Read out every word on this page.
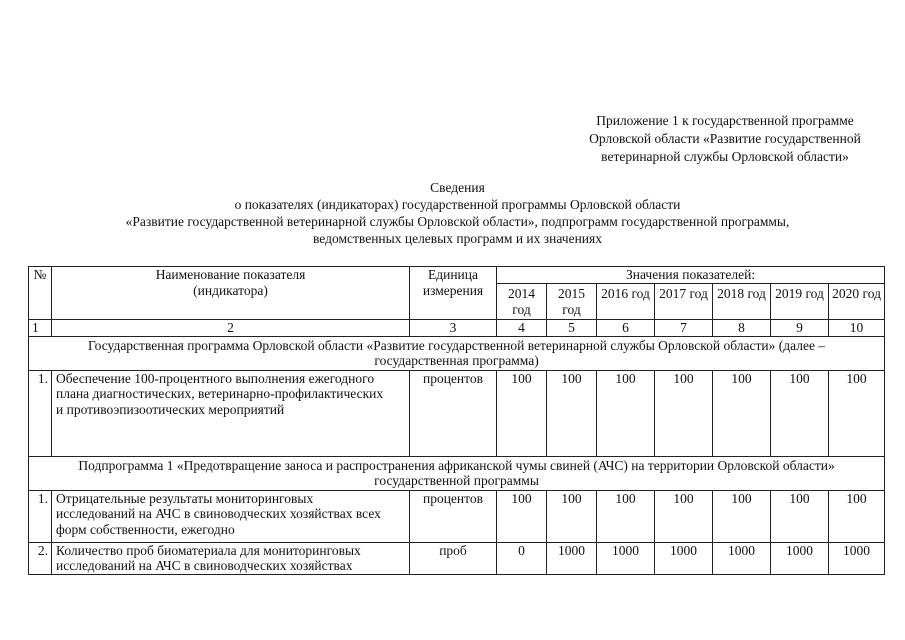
Приложение 1 к государственной программе
Орловской области «Развитие государственной
ветеринарной службы Орловской области»
Сведения
о показателях (индикаторах) государственной программы Орловской области
«Развитие государственной ветеринарной службы Орловской области», подпрограмм государственной программы,
ведомственных целевых программ и их значениях
№	Наименование показателя (индикатора)	Единица измерения	Значения показателей:						
			2014 год	2015 год	2016 год	2017 год	2018 год	2019 год	2020 год
1	2	3	4	5	6	7	8	9	10
Государственная программа Орловской области «Развитие государственной ветеринарной службы Орловской области» (далее – государственная программа)									
1.	Обеспечение 100-процентного выполнения ежегодного плана диагностических, ветеринарно-профилактических и противоэпизоотических мероприятий	процентов	100	100	100	100	100	100	100
Подпрограмма 1 «Предотвращение заноса и распространения африканской чумы свиней (АЧС) на территории Орловской области» государственной программы									
1.	Отрицательные результаты мониторинговых исследований на АЧС в свиноводческих хозяйствах всех форм собственности, ежегодно	процентов	100	100	100	100	100	100	100
2.	Количество проб биоматериала для мониторинговых исследований на АЧС в свиноводческих хозяйствах	проб	0	1000	1000	1000	1000	1000	1000
